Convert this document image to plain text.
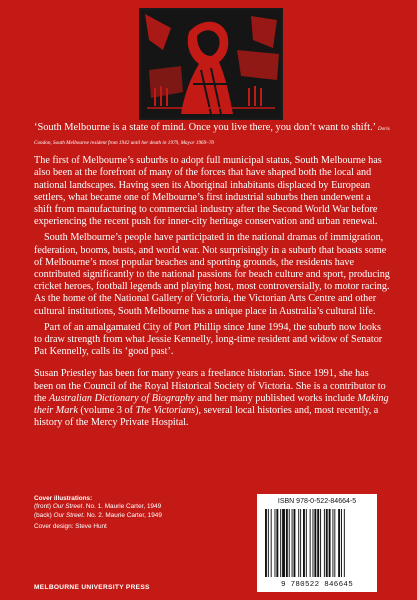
‘South Melbourne is a state of mind. Once you live there, you don’t want to shift.’ Doris Condon, South Melbourne resident from 1942 until her death in 1979, Mayor 1969–70

The first of Melbourne’s suburbs to adopt full municipal status, South Melbourne has also been at the forefront of many of the forces that have shaped both the local and national landscapes. Having seen its Aboriginal inhabitants displaced by European settlers, what became one of Melbourne’s first industrial suburbs then underwent a shift from manufacturing to commercial industry after the Second World War before experiencing the recent push for inner-city heritage conservation and urban renewal.

South Melbourne’s people have participated in the national dramas of immigration, federation, booms, busts, and world war. Not surprisingly in a suburb that boasts some of Melbourne’s most popular beaches and sporting grounds, the residents have contributed significantly to the national passions for beach culture and sport, producing cricket heroes, football legends and playing host, most controversially, to motor racing. As the home of the National Gallery of Victoria, the Victorian Arts Centre and other cultural institutions, South Melbourne has a unique place in Australia’s cultural life.

Part of an amalgamated City of Port Phillip since June 1994, the suburb now looks to draw strength from what Jessie Kennelly, long-time resident and widow of Senator Pat Kennelly, calls its ‘good past’.

Susan Priestley has been for many years a freelance historian. Since 1991, she has been on the Council of the Royal Historical Society of Victoria. She is a contributor to the Australian Dictionary of Biography and her many published works include Making their Mark (volume 3 of The Victorians), several local histories and, most recently, a history of the Mercy Private Hospital.

Cover illustrations:
(front) Our Street. No. 1. Maurie Carter, 1949
(back) Our Street. No. 2. Maurie Carter, 1949
Cover design: Steve Hunt
MELBOURNE UNIVERSITY PRESS
ISBN 978-0-522-84664-5
9 780522 846645
